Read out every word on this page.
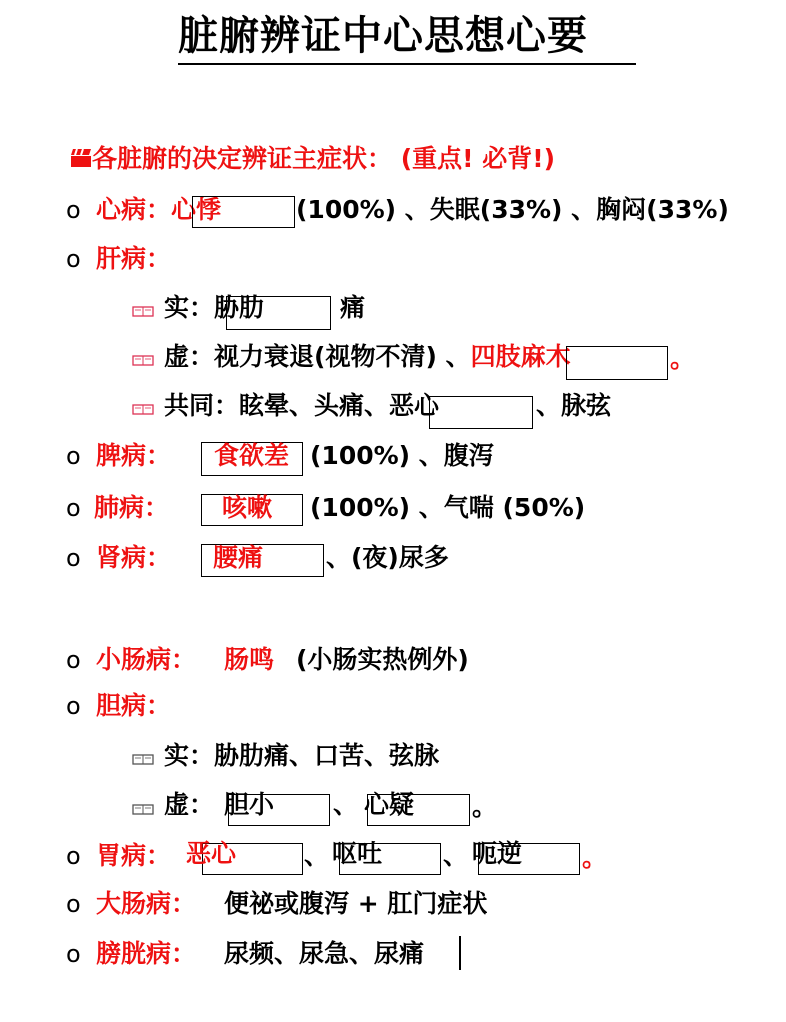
脏腑辨证中心思想心要
各脏腑的决定辨证主症状： (重点! 必背!)
o 心病：心悸	(100%) 、失眠(33%) 、胸闷(33%)
o 肝病：
实：胁肋	痛
虚：视力衰退(视物不清) 、四肢麻木	。
共同：眩晕、头痛、恶心	、脉弦
o 脾病： 食欲差 (100%) 、腹泻
o 肺病： 咳嗽 (100%) 、气喘 (50%)
o 肾病： 腰痛	、(夜)尿多
o 小肠病： 肠鸣 (小肠实热例外)
o 胆病：
实：胁肋痛、口苦、弦脉
虚： 胆小 、 心疑 。
o 胃病： 恶心	、 呕吐 、 呃逆 。
o 大肠病： 便祕或腹泻 + 肛门症状
o 膀胱病： 尿频、尿急、尿痛
